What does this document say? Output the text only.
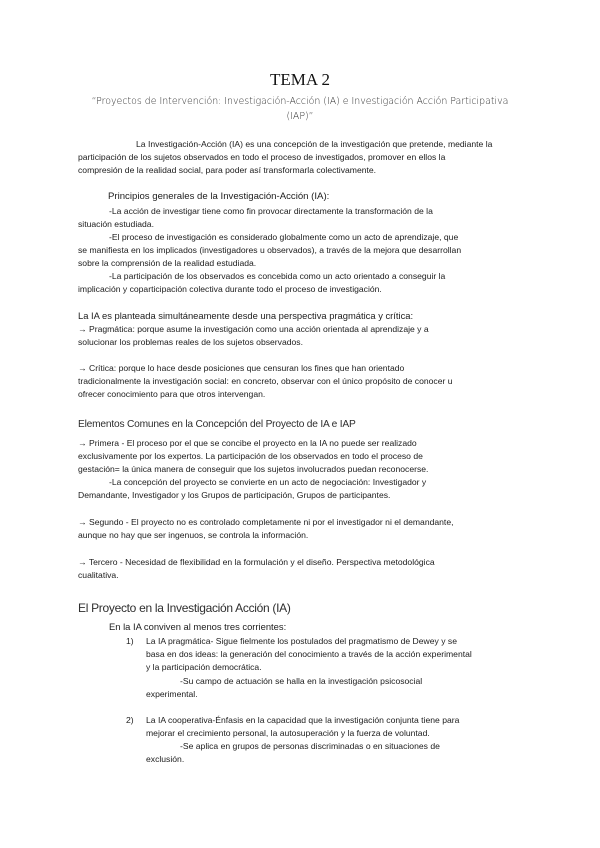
TEMA 2
“Proyectos de Intervención: Investigación-Acción (IA) e Investigación Acción Participativa (IAP)”
La Investigación-Acción (IA) es una concepción de la investigación que pretende, mediante la
participación de los sujetos observados en todo el proceso de investigados, promover en ellos la
compresión de la realidad social, para poder así transformarla colectivamente.
Principios generales de la Investigación-Acción (IA):
-La acción de investigar tiene como fin provocar directamente la transformación de la
situación estudiada.
-El proceso de investigación es considerado globalmente como un acto de aprendizaje, que
se manifiesta en los implicados (investigadores u observados), a través de la mejora que desarrollan
sobre la comprensión de la realidad estudiada.
-La participación de los observados es concebida como un acto orientado a conseguir la
implicación y coparticipación colectiva durante todo el proceso de investigación.
La IA es planteada simultáneamente desde una perspectiva pragmática y crítica:
→ Pragmática: porque asume la investigación como una acción orientada al aprendizaje y a
solucionar los problemas reales de los sujetos observados.
→ Crítica: porque lo hace desde posiciones que censuran los fines que han orientado
tradicionalmente la investigación social: en concreto, observar con el único propósito de conocer u
ofrecer conocimiento para que otros intervengan.
Elementos Comunes en la Concepción del Proyecto de IA e IAP
→ Primera - El proceso por el que se concibe el proyecto en la IA no puede ser realizado
exclusivamente por los expertos. La participación de los observados en todo el proceso de
gestación= la única manera de conseguir que los sujetos involucrados puedan reconocerse.
-La concepción del proyecto se convierte en un acto de negociación: Investigador y
Demandante, Investigador y los Grupos de participación, Grupos de participantes.
→ Segundo - El proyecto no es controlado completamente ni por el investigador ni el demandante,
aunque no hay que ser ingenuos, se controla la información.
→ Tercero - Necesidad de flexibilidad en la formulación y el diseño. Perspectiva metodológica
cualitativa.
El Proyecto en la Investigación Acción (IA)
En la IA conviven al menos tres corrientes:
1) La IA pragmática- Sigue fielmente los postulados del pragmatismo de Dewey y se
basa en dos ideas: la generación del conocimiento a través de la acción experimental
y la participación democrática.
-Su campo de actuación se halla en la investigación psicosocial
experimental.
2) La IA cooperativa-Énfasis en la capacidad que la investigación conjunta tiene para
mejorar el crecimiento personal, la autosuperación y la fuerza de voluntad.
-Se aplica en grupos de personas discriminadas o en situaciones de
exclusión.
